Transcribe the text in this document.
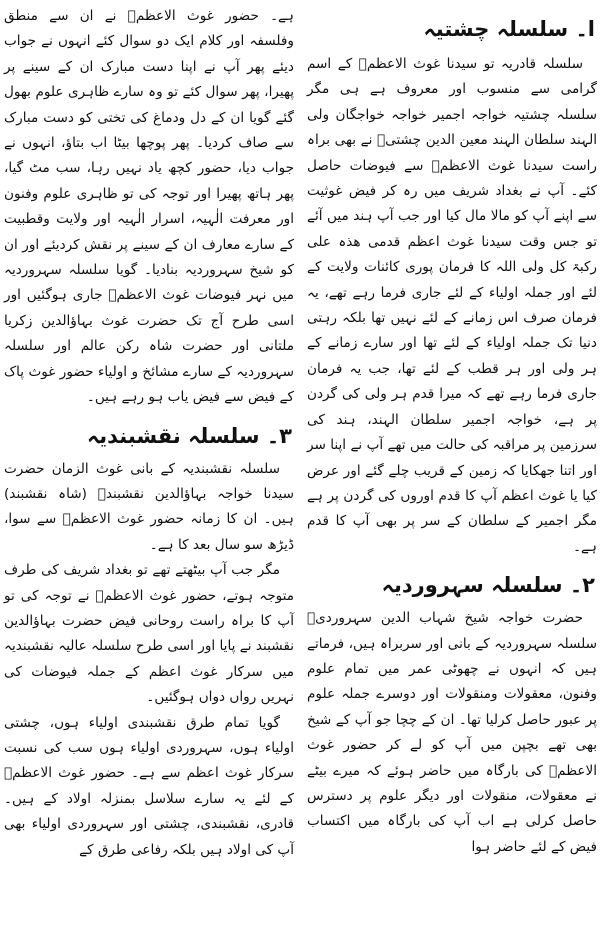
ا۔ سلسلہ چشتیہ

سلسلہ قادریہ تو سیدنا غوث الاعظمؒ کے اسم گرامی سے منسوب اور معروف ہے ہی مگر سلسلہ چشتیہ خواجہ اجمیر خواجہ خواجگان ولی الہند سلطان الہند معین الدین چشتیؒ نے بھی براہ راست سیدنا غوث الاعظمؒ سے فیوضات حاصل کئے۔ آپ نے بغداد شریف میں رہ کر فیض غوثیت سے اپنے آپ کو مالا مال کیا اور جب آپ ہند میں آئے تو جس وقت سیدنا غوث اعظم قدمی ھذہ علی رکبۃ کل ولی اللہ کا فرمان پوری کائنات ولایت کے لئے اور جملہ اولیاء کے لئے جاری فرما رہے تھے، یہ فرمان صرف اس زمانے کے لئے نہیں تھا بلکہ رہتی دنیا تک جملہ اولیاء کے لئے تھا اور سارے زمانے کے ہر ولی اور ہر قطب کے لئے تھا، جب یہ فرمان جاری فرما رہے تھے کہ میرا قدم ہر ولی کی گردن پر ہے، خواجہ اجمیر سلطان الہند، ہند کی سرزمین پر مراقبہ کی حالت میں تھے آپ نے اپنا سر اور اتنا جھکایا کہ زمین کے قریب چلے گئے اور عرض کیا یا غوث اعظم آپ کا قدم اوروں کی گردن پر ہے مگر اجمیر کے سلطان کے سر پر بھی آپ کا قدم ہے۔

۲۔ سلسلہ سہروردیہ

حضرت خواجہ شیخ شہاب الدین سہروردیؒ سلسلہ سہروردیہ کے بانی اور سربراہ ہیں، فرماتے ہیں کہ انہوں نے چھوٹی عمر میں تمام علوم وفنون، معقولات ومنقولات اور دوسرے جملہ علوم پر عبور حاصل کرلیا تھا۔ ان کے چچا جو آپ کے شیخ بھی تھے بچپن میں آپ کو لے کر حضور غوث الاعظمؒ کی بارگاہ میں حاضر ہوئے کہ میرے بیٹے نے معقولات، منقولات اور دیگر علوم پر دسترس حاصل کرلی ہے اب آپ کی بارگاہ میں اکتساب فیض کے لئے حاضر ہوا

ہے۔ حضور غوث الاعظمؒ نے ان سے منطق وفلسفہ اور کلام ایک دو سوال کئے انہوں نے جواب دیئے پھر آپ نے اپنا دست مبارک ان کے سینے پر پھیرا، پھر سوال کئے تو وہ سارے ظاہری علوم بھول گئے گویا ان کے دل ودماغ کی تختی کو دست مبارک سے صاف کردیا۔ پھر پوچھا بیٹا اب بتاؤ، انہوں نے جواب دیا، حضور کچھ یاد نہیں رہا، سب مٹ گیا، پھر ہاتھ پھیرا اور توجہ کی تو ظاہری علوم وفنون اور معرفت الٰہیہ، اسرار الٰہیہ اور ولایت وقطبیت کے سارے معارف ان کے سینے پر نقش کردیئے اور ان کو شیخ سہروردیہ بنادیا۔ گویا سلسلہ سہروردیہ میں نہر فیوضات غوث الاعظمؒ جاری ہوگئیں اور اسی طرح آج تک حضرت غوث بہاؤالدین زکریا ملتانی اور حضرت شاہ رکن عالم اور سلسلہ سہروردیہ کے سارے مشائخ و اولیاء حضور غوث پاک کے فیض سے فیض یاب ہو رہے ہیں۔

۳۔ سلسلہ نقشبندیہ

سلسلہ نقشبندیہ کے بانی غوث الزمان حضرت سیدنا خواجہ بہاؤالدین نقشبندؒ (شاہ نقشبند) ہیں۔ ان کا زمانہ حضور غوث الاعظمؒ سے سوا، ڈیڑھ سو سال بعد کا ہے۔

مگر جب آپ بیٹھتے تھے تو بغداد شریف کی طرف متوجہ ہوتے، حضور غوث الاعظمؒ نے توجہ کی تو آپ کا براہ راست روحانی فیض حضرت بہاؤالدین نقشبند نے پایا اور اسی طرح سلسلہ عالیہ نقشبندیہ میں سرکار غوث اعظم کے جملہ فیوضات کی نہریں رواں دواں ہوگئیں۔

گویا تمام طرق نقشبندی اولیاء ہوں، چشتی اولیاء ہوں، سہروردی اولیاء ہوں سب کی نسبت سرکار غوث اعظم سے ہے۔ حضور غوث الاعظمؒ کے لئے یہ سارے سلاسل بمنزلہ اولاد کے ہیں۔ قادری، نقشبندی، چشتی اور سہروردی اولیاء بھی آپ کی اولاد ہیں بلکہ رفاعی طرق کے
